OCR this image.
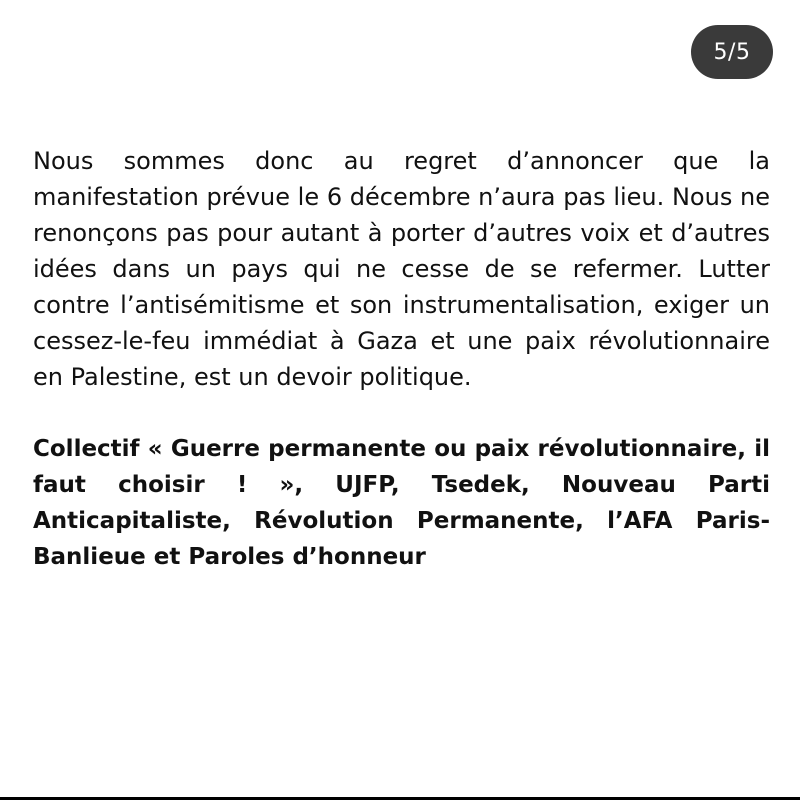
5/5

Nous sommes donc au regret d’annoncer que la manifestation prévue le 6 décembre n’aura pas lieu. Nous ne renonçons pas pour autant à porter d’autres voix et d’autres idées dans un pays qui ne cesse de se refermer. Lutter contre l’antisémitisme et son instrumentalisation, exiger un cessez-le-feu immédiat à Gaza et une paix révolutionnaire en Palestine, est un devoir politique.

Collectif « Guerre permanente ou paix révolutionnaire, il faut choisir ! », UJFP, Tsedek, Nouveau Parti Anticapitaliste, Révolution Permanente, l’AFA Paris-Banlieue et Paroles d’honneur
